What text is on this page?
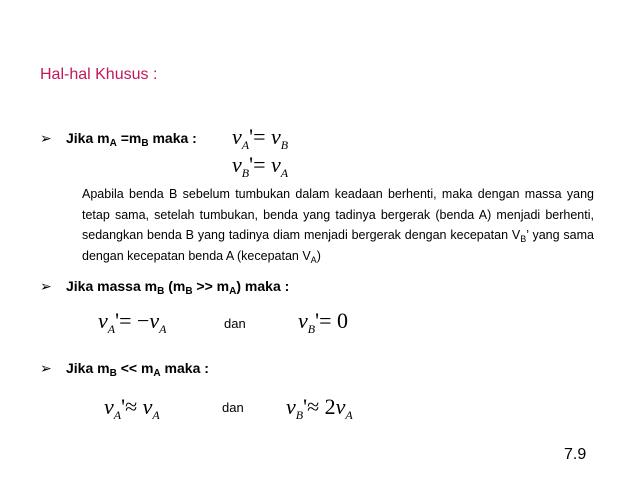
Hal-hal Khusus :
➢	Jika $m_A =m_B$ maka : $v_A'= v_B$
$v_B'= v_A$
Apabila benda B sebelum tumbukan dalam keadaan berhenti, maka dengan massa yang tetap sama, setelah tumbukan, benda yang tadinya bergerak (benda A) menjadi berhenti, sedangkan benda B yang tadinya diam menjadi bergerak dengan kecepatan $V_B$’ yang sama dengan kecepatan benda A (kecepatan $V_A$)
➢	Jika massa $m_B$ $(m_B >> m_A)$ maka :
$v_A'= -v_A$	dan $v_B'= 0$
➢	Jika $m_B << m_A$ maka :
$v_A'\approx v_A$	dan $v_B'\approx 2v_A$
7.9
